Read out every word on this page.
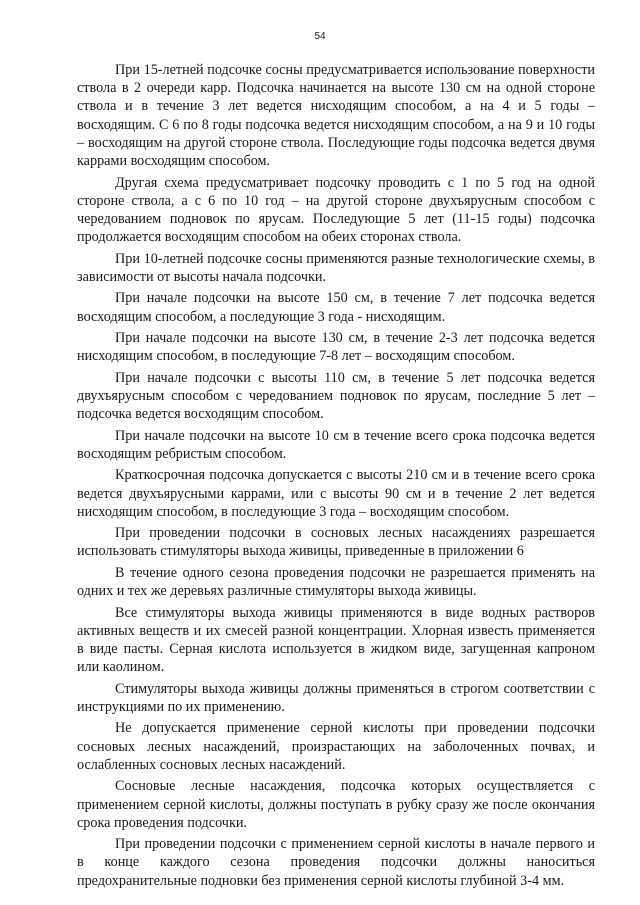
54

При 15-летней подсочке сосны предусматривается использование поверхности ствола в 2 очереди карр. Подсочка начинается на высоте 130 см на одной стороне ствола и в течение 3 лет ведется нисходящим способом, а на 4 и 5 годы – восходящим. С 6 по 8 годы подсочка ведется нисходящим способом, а на 9 и 10 годы – восходящим на другой стороне ствола. Последующие годы подсочка ведется двумя каррами восходящим способом.

Другая схема предусматривает подсочку проводить с 1 по 5 год на одной стороне ствола, а с 6 по 10 год – на другой стороне двухъярусным способом с чередованием подновок по ярусам. Последующие 5 лет (11-15 годы) подсочка продолжается восходящим способом на обеих сторонах ствола.

При 10-летней подсочке сосны применяются разные технологические схемы, в зависимости от высоты начала подсочки.

При начале подсочки на высоте 150 см, в течение 7 лет подсочка ведется восходящим способом, а последующие 3 года - нисходящим.

При начале подсочки на высоте 130 см, в течение 2-3 лет подсочка ведется нисходящим способом, в последующие 7-8 лет – восходящим способом.

При начале подсочки с высоты 110 см, в течение 5 лет подсочка ведется двухъярусным способом с чередованием подновок по ярусам, последние 5 лет – подсочка ведется восходящим способом.

При начале подсочки на высоте 10 см в течение всего срока подсочка ведется восходящим ребристым способом.

Краткосрочная подсочка допускается с высоты 210 см и в течение всего срока ведется двухъярусными каррами, или с высоты 90 см и в течение 2 лет ведется нисходящим способом, в последующие 3 года – восходящим способом.

При проведении подсочки в сосновых лесных насаждениях разрешается использовать стимуляторы выхода живицы, приведенные в приложении 6

В течение одного сезона проведения подсочки не разрешается применять на одних и тех же деревьях различные стимуляторы выхода живицы.

Все стимуляторы выхода живицы применяются в виде водных растворов активных веществ и их смесей разной концентрации. Хлорная известь применяется в виде пасты. Серная кислота используется в жидком виде, загущенная капроном или каолином.

Стимуляторы выхода живицы должны применяться в строгом соответствии с инструкциями по их применению.

Не допускается применение серной кислоты при проведении подсочки сосновых лесных насаждений, произрастающих на заболоченных почвах, и ослабленных сосновых лесных насаждений.

Сосновые лесные насаждения, подсочка которых осуществляется с применением серной кислоты, должны поступать в рубку сразу же после окончания срока проведения подсочки.

При проведении подсочки с применением серной кислоты в начале первого и в конце каждого сезона проведения подсочки должны наноситься предохранительные подновки без применения серной кислоты глубиной 3-4 мм.
